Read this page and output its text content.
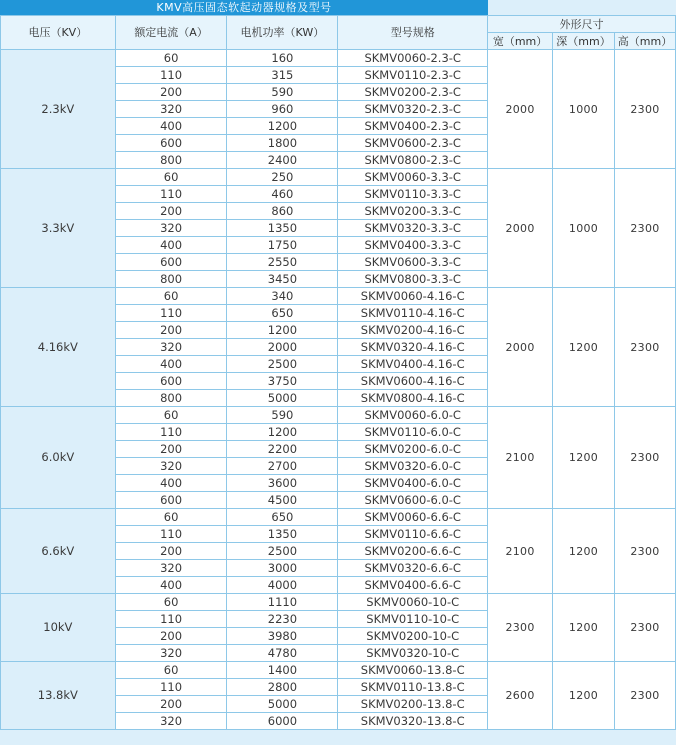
KMV高压固态软起动器规格及型号
电压（KV）	额定电流（A）	电机功率（KW）	型号规格	外形尺寸		
				宽（mm）	深（mm）	高（mm）
2.3kV	60	160	SKMV0060-2.3-C	2000	1000	2300
	110	315	SKMV0110-2.3-C			
	200	590	SKMV0200-2.3-C			
	320	960	SKMV0320-2.3-C			
	400	1200	SKMV0400-2.3-C			
	600	1800	SKMV0600-2.3-C			
	800	2400	SKMV0800-2.3-C			
3.3kV	60	250	SKMV0060-3.3-C	2000	1000	2300
	110	460	SKMV0110-3.3-C			
	200	860	SKMV0200-3.3-C			
	320	1350	SKMV0320-3.3-C			
	400	1750	SKMV0400-3.3-C			
	600	2550	SKMV0600-3.3-C			
	800	3450	SKMV0800-3.3-C			
4.16kV	60	340	SKMV0060-4.16-C	2000	1200	2300
	110	650	SKMV0110-4.16-C			
	200	1200	SKMV0200-4.16-C			
	320	2000	SKMV0320-4.16-C			
	400	2500	SKMV0400-4.16-C			
	600	3750	SKMV0600-4.16-C			
	800	5000	SKMV0800-4.16-C			
6.0kV	60	590	SKMV0060-6.0-C	2100	1200	2300
	110	1200	SKMV0110-6.0-C			
	200	2200	SKMV0200-6.0-C			
	320	2700	SKMV0320-6.0-C			
	400	3600	SKMV0400-6.0-C			
	600	4500	SKMV0600-6.0-C			
6.6kV	60	650	SKMV0060-6.6-C	2100	1200	2300
	110	1350	SKMV0110-6.6-C			
	200	2500	SKMV0200-6.6-C			
	320	3000	SKMV0320-6.6-C			
	400	4000	SKMV0400-6.6-C			
10kV	60	1110	SKMV0060-10-C	2300	1200	2300
	110	2230	SKMV0110-10-C			
	200	3980	SKMV0200-10-C			
	320	4780	SKMV0320-10-C			
13.8kV	60	1400	SKMV0060-13.8-C	2600	1200	2300
	110	2800	SKMV0110-13.8-C			
	200	5000	SKMV0200-13.8-C			
	320	6000	SKMV0320-13.8-C			
